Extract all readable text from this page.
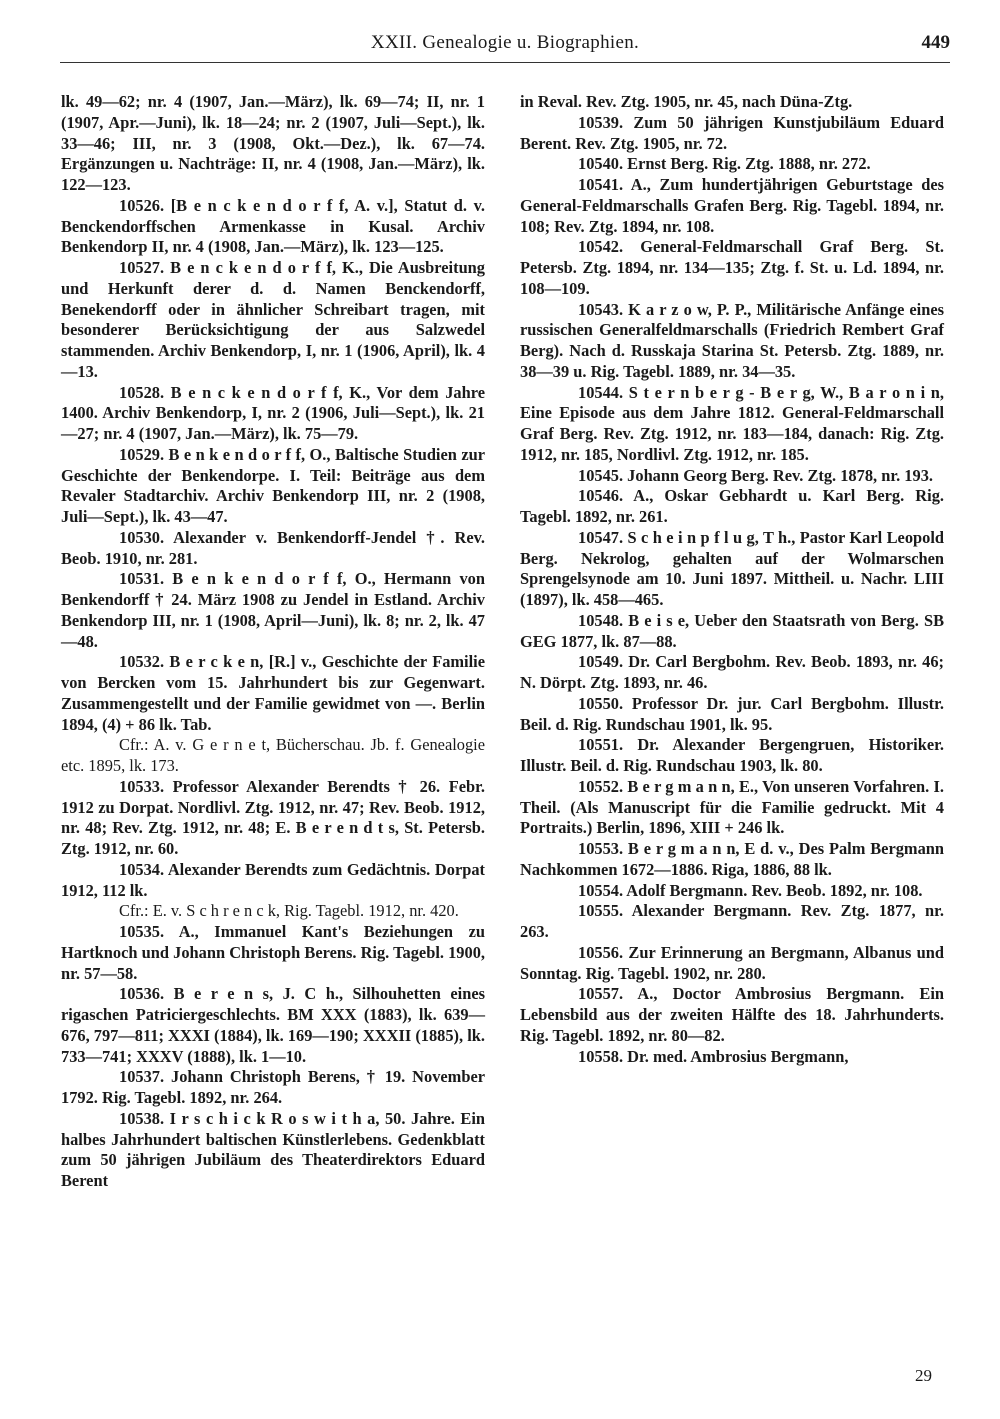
XXII. Genealogie u. Biographien.	449

lk. 49—62; nr. 4 (1907, Jan.—März), lk. 69—74; II, nr. 1 (1907, Apr.—Juni), lk. 18—24; nr. 2 (1907, Juli—Sept.), lk. 33—46; III, nr. 3 (1908, Okt.—Dez.), lk. 67—74. Ergänzungen u. Nachträge: II, nr. 4 (1908, Jan.—März), lk. 122—123.

10526. [B e n c k e n d o r f f, A. v.], Statut d. v. Benckendorffschen Armenkasse in Kusal. Archiv Benkendorp II, nr. 4 (1908, Jan.—März), lk. 123—125.

10527. B e n c k e n d o r f f, K., Die Ausbreitung und Herkunft derer d. d. Namen Benckendorff, Benekendorff oder in ähnlicher Schreibart tragen, mit besonderer Berücksichtigung der aus Salzwedel stammenden. Archiv Benkendorp, I, nr. 1 (1906, April), lk. 4—13.

10528. B e n c k e n d o r f f, K., Vor dem Jahre 1400. Archiv Benkendorp, I, nr. 2 (1906, Juli—Sept.), lk. 21—27; nr. 4 (1907, Jan.—März), lk. 75—79.

10529. B e n k e n d o r f f, O., Baltische Studien zur Geschichte der Benkendorpe. I. Teil: Beiträge aus dem Revaler Stadtarchiv. Archiv Benkendorp III, nr. 2 (1908, Juli—Sept.), lk. 43—47.

10530. Alexander v. Benkendorff-Jendel †. Rev. Beob. 1910, nr. 281.

10531. B e n k e n d o r f f, O., Hermann von Benkendorff † 24. März 1908 zu Jendel in Estland. Archiv Benkendorp III, nr. 1 (1908, April—Juni), lk. 8; nr. 2, lk. 47—48.

10532. B e r c k e n, [R.] v., Geschichte der Familie von Bercken vom 15. Jahrhundert bis zur Gegenwart. Zusammengestellt und der Familie gewidmet von —. Berlin 1894, (4) + 86 lk. Tab.

Cfr.: A. v. G e r n e t, Bücherschau. Jb. f. Genealogie etc. 1895, lk. 173.

10533. Professor Alexander Berendts † 26. Febr. 1912 zu Dorpat. Nordlivl. Ztg. 1912, nr. 47; Rev. Beob. 1912, nr. 48; Rev. Ztg. 1912, nr. 48; E. B e r e n d t s, St. Petersb. Ztg. 1912, nr. 60.

10534. Alexander Berendts zum Gedächtnis. Dorpat 1912, 112 lk.

Cfr.: E. v. S c h r e n c k, Rig. Tagebl. 1912, nr. 420.

10535. A., Immanuel Kant's Beziehungen zu Hartknoch und Johann Christoph Berens. Rig. Tagebl. 1900, nr. 57—58.

10536. B e r e n s, J. C h., Silhouhetten eines rigaschen Patriciergeschlechts. BM XXX (1883), lk. 639—676, 797—811; XXXI (1884), lk. 169—190; XXXII (1885), lk. 733—741; XXXV (1888), lk. 1—10.

10537. Johann Christoph Berens, † 19. November 1792. Rig. Tagebl. 1892, nr. 264.

10538. I r s c h i c k R o s w i t h a, 50. Jahre. Ein halbes Jahrhundert baltischen Künstlerlebens. Gedenkblatt zum 50 jährigen Jubiläum des Theaterdirektors Eduard Berent

in Reval. Rev. Ztg. 1905, nr. 45, nach Düna-Ztg.

10539. Zum 50 jährigen Kunstjubiläum Eduard Berent. Rev. Ztg. 1905, nr. 72.

10540. Ernst Berg. Rig. Ztg. 1888, nr. 272.

10541. A., Zum hundertjährigen Geburtstage des General-Feldmarschalls Grafen Berg. Rig. Tagebl. 1894, nr. 108; Rev. Ztg. 1894, nr. 108.

10542. General-Feldmarschall Graf Berg. St. Petersb. Ztg. 1894, nr. 134—135; Ztg. f. St. u. Ld. 1894, nr. 108—109.

10543. K a r z o w, P. P., Militärische Anfänge eines russischen Generalfeldmarschalls (Friedrich Rembert Graf Berg). Nach d. Russkaja Starina St. Petersb. Ztg. 1889, nr. 38—39 u. Rig. Tagebl. 1889, nr. 34—35.

10544. S t e r n b e r g - B e r g, W., B a r o n i n, Eine Episode aus dem Jahre 1812. General-Feldmarschall Graf Berg. Rev. Ztg. 1912, nr. 183—184, danach: Rig. Ztg. 1912, nr. 185, Nordlivl. Ztg. 1912, nr. 185.

10545. Johann Georg Berg. Rev. Ztg. 1878, nr. 193.

10546. A., Oskar Gebhardt u. Karl Berg. Rig. Tagebl. 1892, nr. 261.

10547. S c h e i n p f l u g, T h., Pastor Karl Leopold Berg. Nekrolog, gehalten auf der Wolmarschen Sprengelsynode am 10. Juni 1897. Mittheil. u. Nachr. LIII (1897), lk. 458—465.

10548. B e i s e, Ueber den Staatsrath von Berg. SB GEG 1877, lk. 87—88.

10549. Dr. Carl Bergbohm. Rev. Beob. 1893, nr. 46; N. Dörpt. Ztg. 1893, nr. 46.

10550. Professor Dr. jur. Carl Bergbohm. Illustr. Beil. d. Rig. Rundschau 1901, lk. 95.

10551. Dr. Alexander Bergengruen, Historiker. Illustr. Beil. d. Rig. Rundschau 1903, lk. 80.

10552. B e r g m a n n, E., Von unseren Vorfahren. I. Theil. (Als Manuscript für die Familie gedruckt. Mit 4 Portraits.) Berlin, 1896, XIII + 246 lk.

10553. B e r g m a n n, E d. v., Des Palm Bergmann Nachkommen 1672—1886. Riga, 1886, 88 lk.

10554. Adolf Bergmann. Rev. Beob. 1892, nr. 108.

10555. Alexander Bergmann. Rev. Ztg. 1877, nr. 263.

10556. Zur Erinnerung an Bergmann, Albanus und Sonntag. Rig. Tagebl. 1902, nr. 280.

10557. A., Doctor Ambrosius Bergmann. Ein Lebensbild aus der zweiten Hälfte des 18. Jahrhunderts. Rig. Tagebl. 1892, nr. 80—82.

10558. Dr. med. Ambrosius Bergmann,

29
